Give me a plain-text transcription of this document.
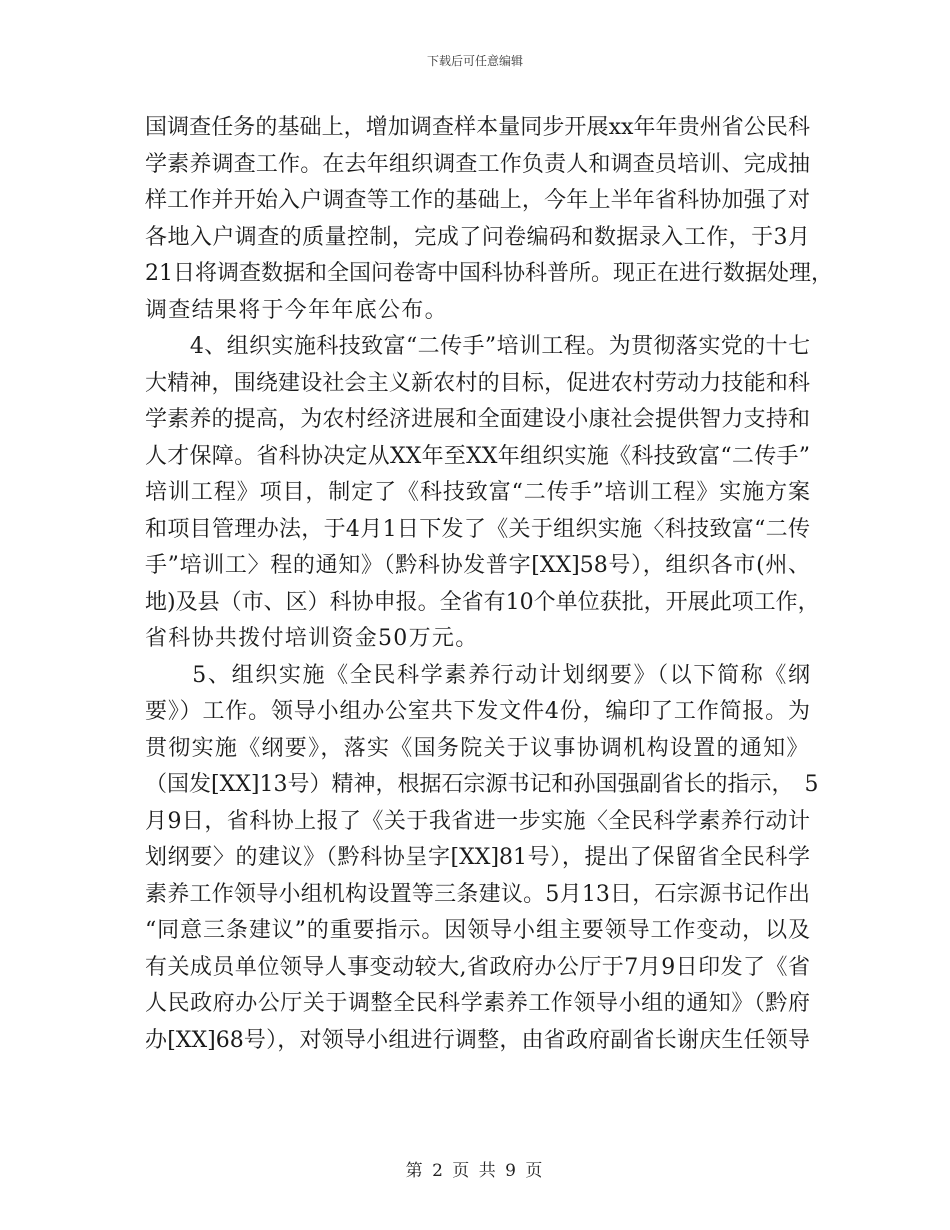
下载后可任意编辑
国调查任务的基础上，增加调查样本量同步开展xx年年贵州省公民科
学素养调查工作。在去年组织调查工作负责人和调查员培训、完成抽
样工作并开始入户调查等工作的基础上，今年上半年省科协加强了对
各地入户调查的质量控制，完成了问卷编码和数据录入工作，于3月
21日将调查数据和全国问卷寄中国科协科普所。现正在进行数据处理，
调查结果将于今年年底公布。
　　4、组织实施科技致富“二传手”培训工程。为贯彻落实党的十七
大精神，围绕建设社会主义新农村的目标，促进农村劳动力技能和科
学素养的提高，为农村经济进展和全面建设小康社会提供智力支持和
人才保障。省科协决定从XX年至XX年组织实施《科技致富“二传手”
培训工程》项目，制定了《科技致富“二传手”培训工程》实施方案
和项目管理办法，于4月1日下发了《关于组织实施〈科技致富“二传
手”培训工〉程的通知》（黔科协发普字[XX]58号），组织各市(州、
地)及县（市、区）科协申报。全省有10个单位获批，开展此项工作，
省科协共拨付培训资金50万元。
　　5、组织实施《全民科学素养行动计划纲要》（以下简称《纲
要》）工作。领导小组办公室共下发文件4份，编印了工作简报。为
贯彻实施《纲要》，落实《国务院关于议事协调机构设置的通知》
（国发[XX]13号）精神，根据石宗源书记和孙国强副省长的指示，　5
月9日，省科协上报了《关于我省进一步实施〈全民科学素养行动计
划纲要〉的建议》（黔科协呈字[XX]81号），提出了保留省全民科学
素养工作领导小组机构设置等三条建议。5月13日，石宗源书记作出
“同意三条建议”的重要指示。因领导小组主要领导工作变动，以及
有关成员单位领导人事变动较大,省政府办公厅于7月9日印发了《省
人民政府办公厅关于调整全民科学素养工作领导小组的通知》（黔府
办[XX]68号），对领导小组进行调整，由省政府副省长谢庆生任领导
第 2 页 共 9 页
